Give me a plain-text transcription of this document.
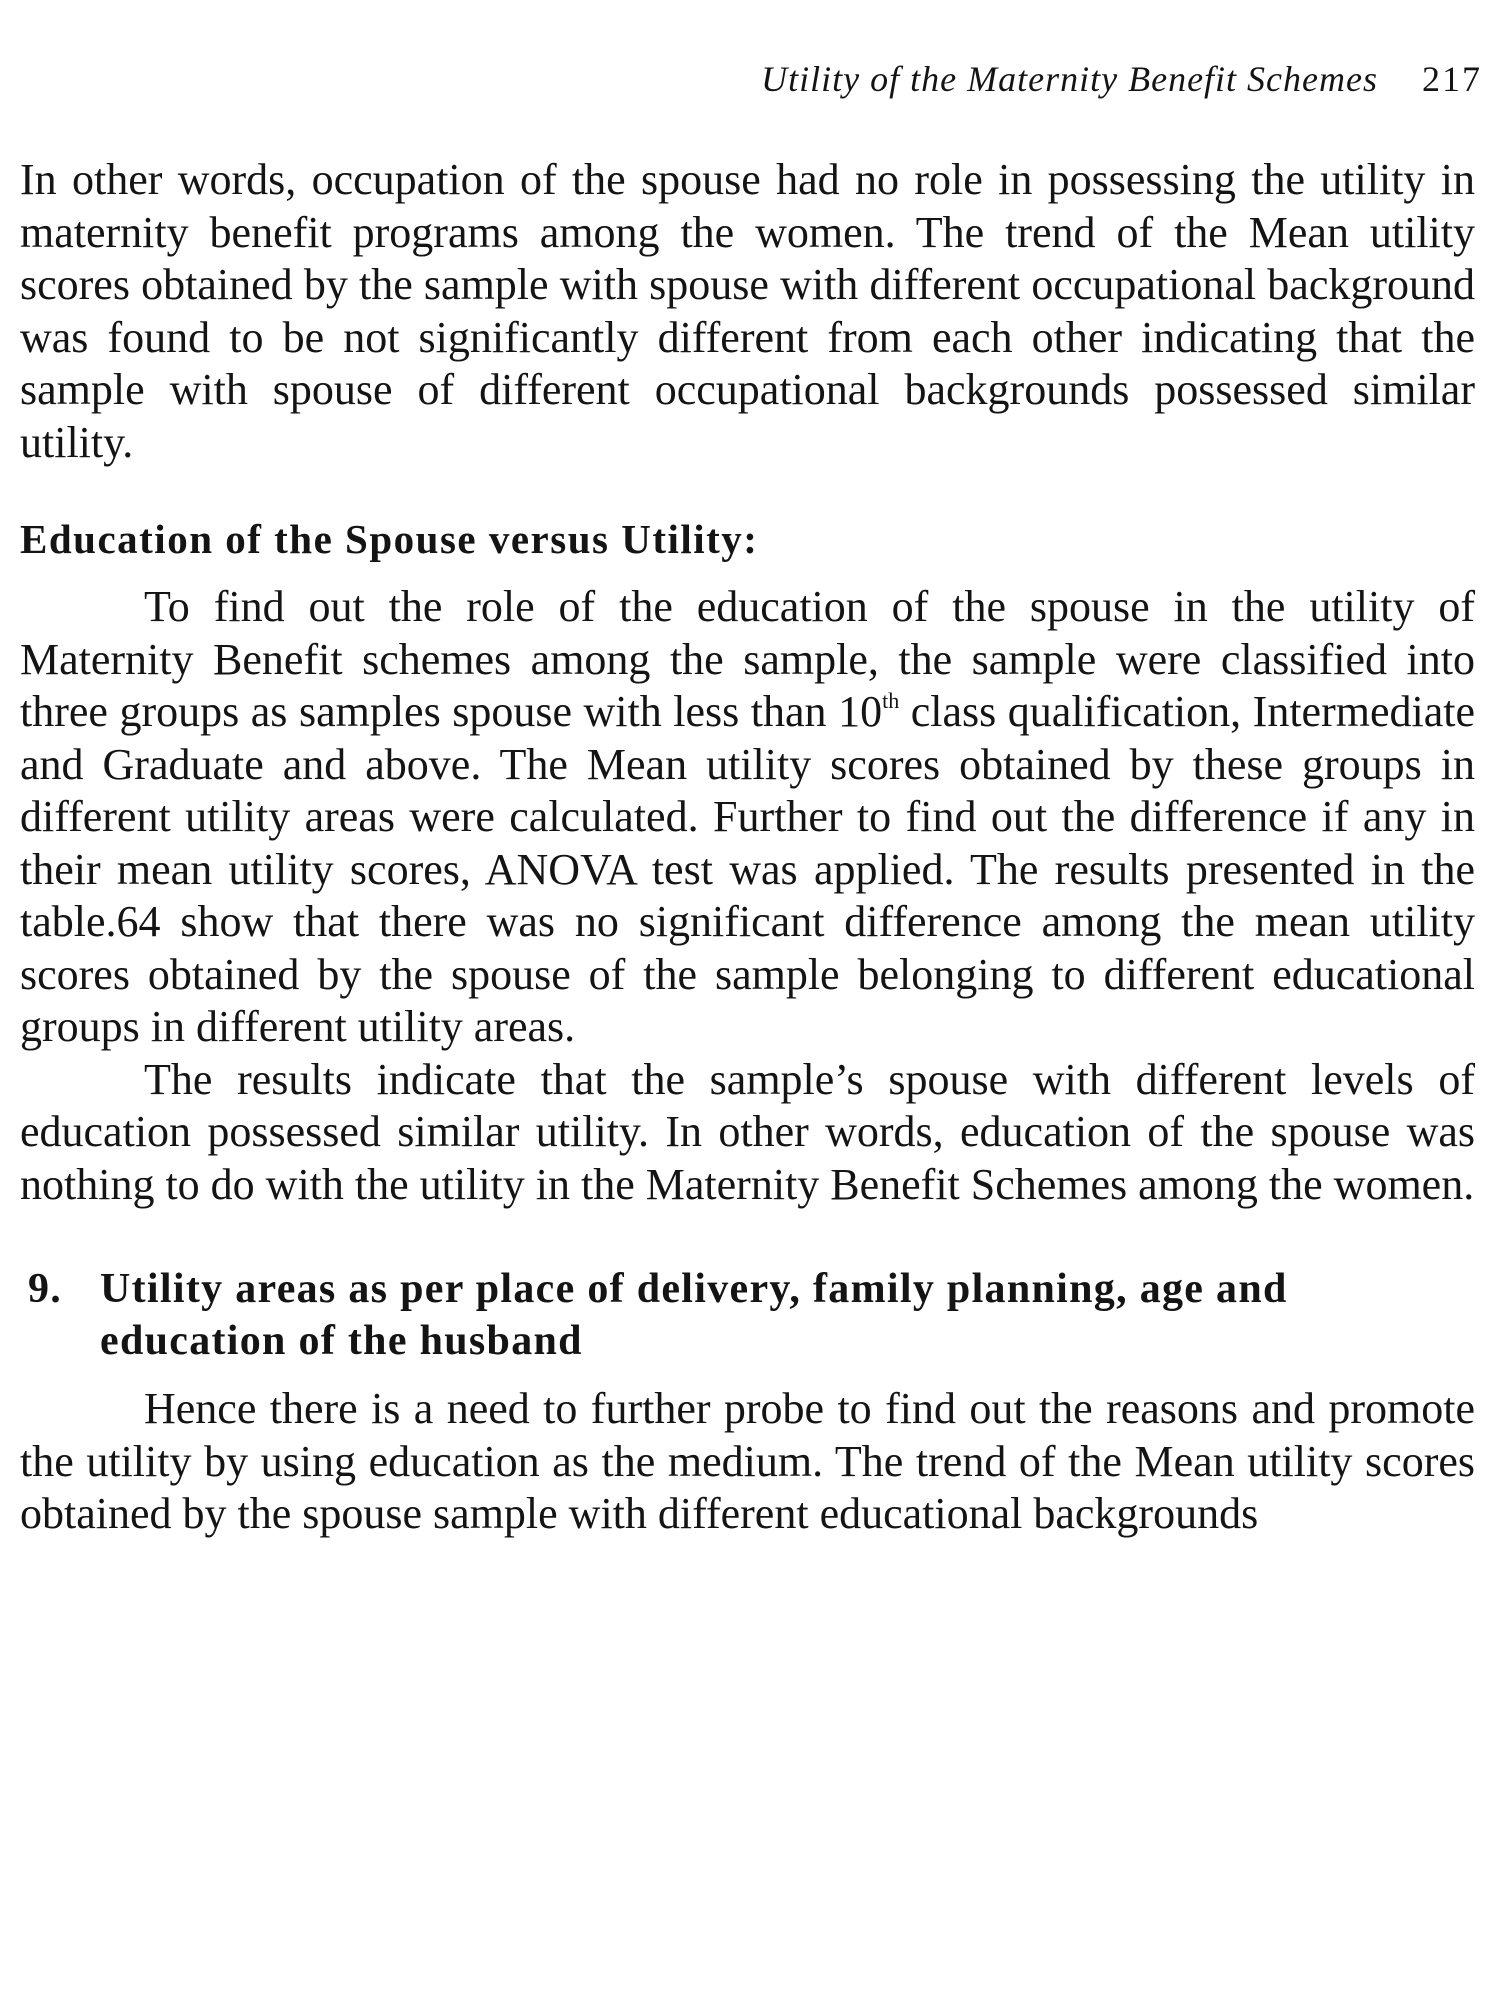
Utility of the Maternity Benefit Schemes 217

In other words, occupation of the spouse had no role in possessing the utility in maternity benefit programs among the women. The trend of the Mean utility scores obtained by the sample with spouse with different occupational background was found to be not significantly different from each other indicating that the sample with spouse of different occupational backgrounds possessed similar utility.

Education of the Spouse versus Utility:

To find out the role of the education of the spouse in the utility of Maternity Benefit schemes among the sample, the sample were classified into three groups as samples spouse with less than 10th class qualification, Intermediate and Graduate and above. The Mean utility scores obtained by these groups in different utility areas were calculated. Further to find out the difference if any in their mean utility scores, ANOVA test was applied. The results presented in the table.64 show that there was no significant difference among the mean utility scores obtained by the spouse of the sample belonging to different educational groups in different utility areas.

The results indicate that the sample’s spouse with different levels of education possessed similar utility. In other words, education of the spouse was nothing to do with the utility in the Maternity Benefit Schemes among the women.

9. Utility areas as per place of delivery, family planning, age and education of the husband

Hence there is a need to further probe to find out the reasons and promote the utility by using education as the medium. The trend of the Mean utility scores obtained by the spouse sample with different educational backgrounds
